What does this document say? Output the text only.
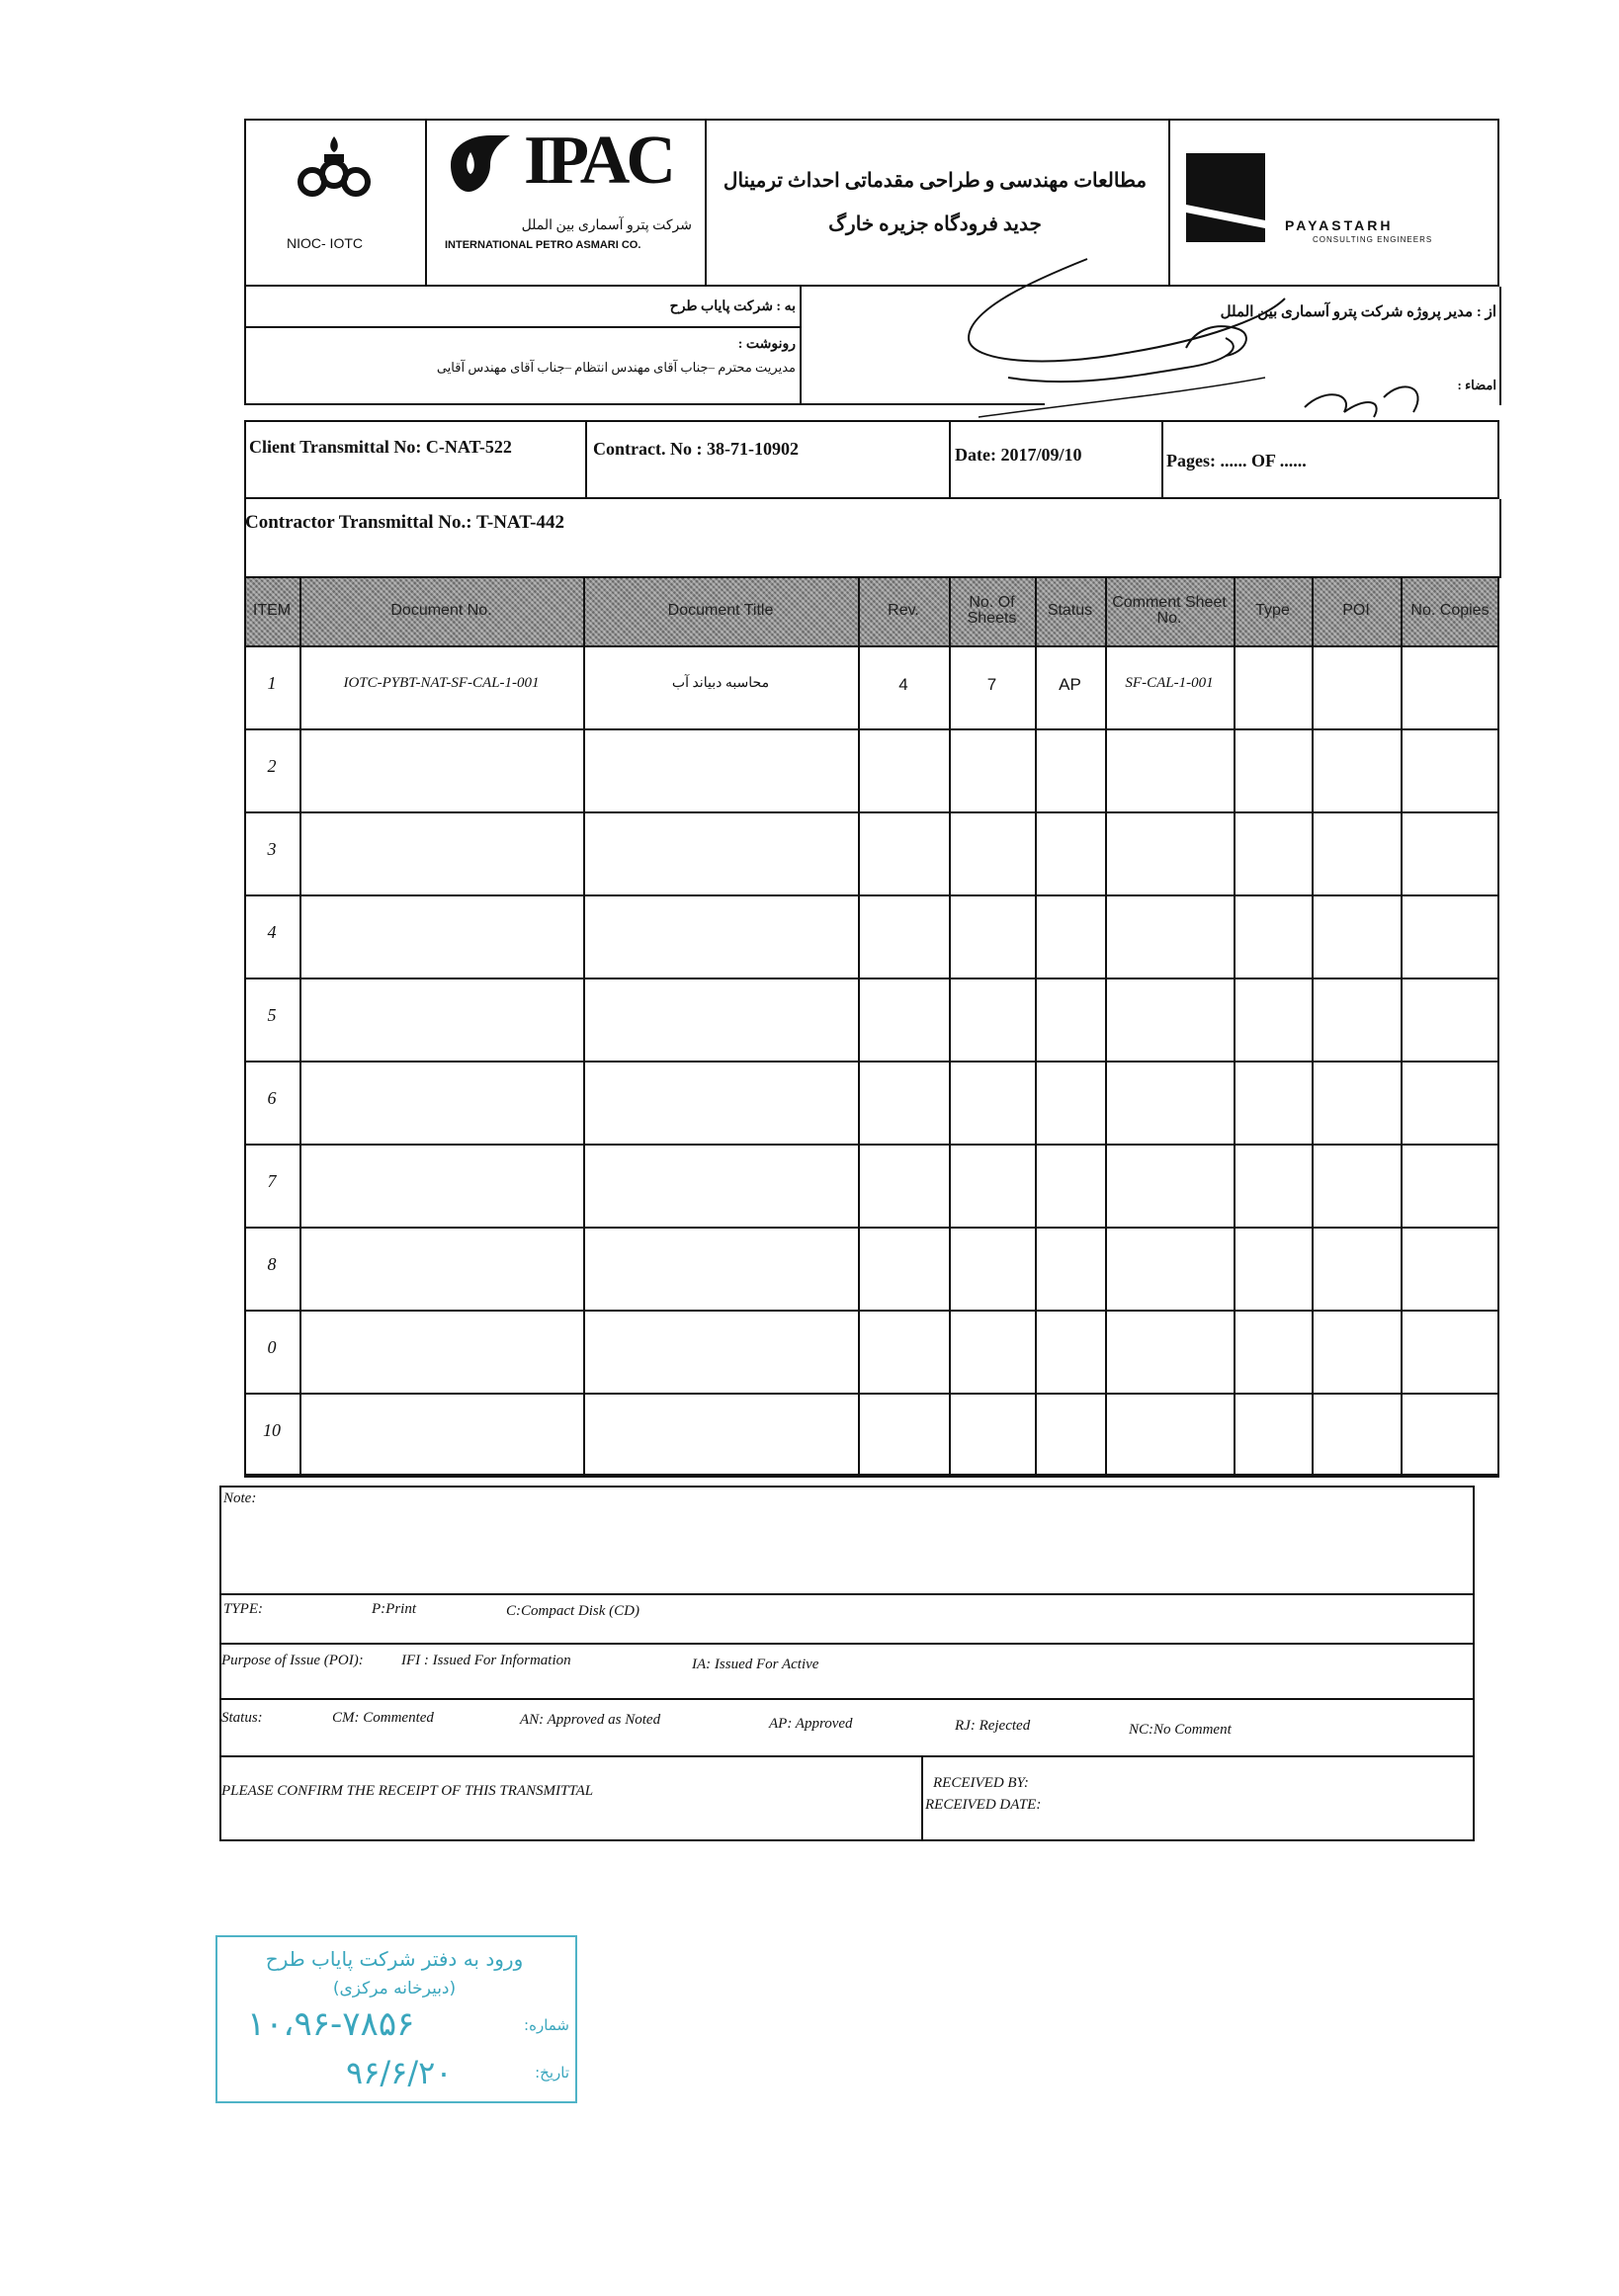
NIOC- IOTC
IPAC
شرکت پترو آسماری بین الملل
INTERNATIONAL PETRO ASMARI CO.
مطالعات مهندسی و طراحی مقدماتی احداث ترمینال
جدید فرودگاه جزیره خارگ	PAYASTARH
CONSULTING ENGINEERS
به : شرکت پایاب طرح	از : مدیر پروژه شرکت پترو آسماری بین الملل
رونوشت :
مدیریت محترم –جناب آقای مهندس انتظام –جناب آقای مهندس آقایی
امضاء :
Client Transmittal No: C-NAT-522	Contract. No : 38-71-10902	Date: 2017/09/10	Pages: ...... OF ......
Contractor Transmittal No.: T-NAT-442
ITEM	Document No.	Document Title	Rev.	No. Of Sheets	Status	Comment Sheet No.	Type	POI	No. Copies
1	IOTC-PYBT-NAT-SF-CAL-1-001	محاسبه دبیاند آب	4	7	AP	SF-CAL-1-001
2
3
4
5
6
7
8
0
10
Note:
TYPE:	P:Print	C:Compact Disk (CD)
Purpose of Issue (POI):	IFI : Issued For Information	IA: Issued For Active
Status:	CM: Commented	AN: Approved as Noted	AP: Approved	RJ: Rejected	NC:No Comment
PLEASE CONFIRM THE RECEIPT OF THIS TRANSMITTAL	RECEIVED BY:
RECEIVED DATE:
ورود به دفتر شرکت پایاب طرح
(دبیرخانه مرکزی)
شماره:
۱۰،۹۶-۷۸۵۶
تاریخ:
۹۶/۶/۲۰
